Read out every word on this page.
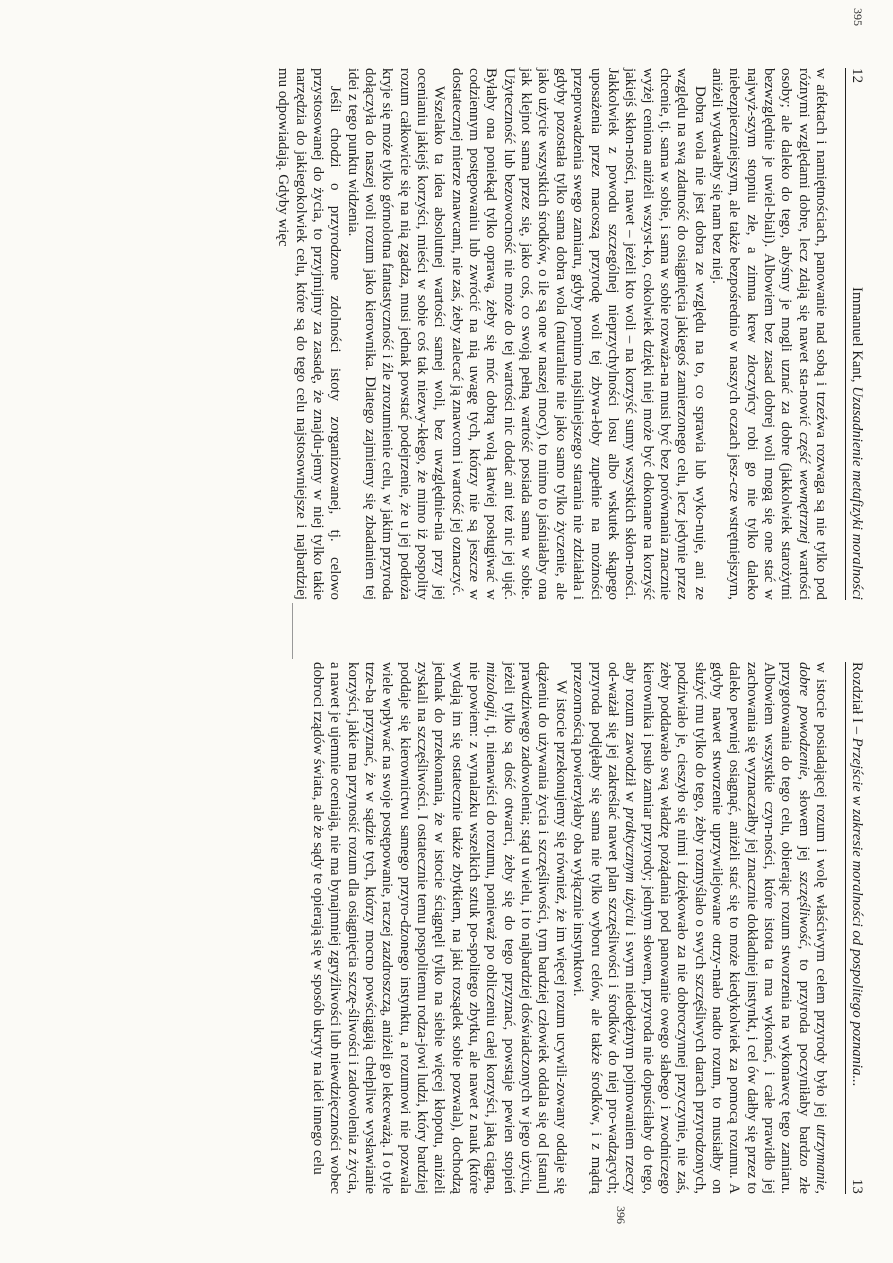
12
Immanuel Kant, Uzasadnienie metafizyki moralności

w afektach i namiętnościach, panowanie nad sobą i trzeźwa rozwaga są nie tylko pod różnymi względami dobre, lecz zdają się nawet sta-nowić część wewnętrznej wartości osoby; ale daleko do tego, abyśmy je mogli uznać za dobre (jakkolwiek starożytni bezwzględnie je uwiel-biali). Albowiem bez zasad dobrej woli mogą się one stać w najwyż-szym stopniu złe, a zimna krew złoczyńcy robi go nie tylko daleko niebezpieczniejszym, ale także bezpośrednio w naszych oczach jesz-cze wstrętniejszym, aniżeli wydawałby się nam bez niej.

Dobra wola nie jest dobra ze względu na to, co sprawia lub wyko-nuje, ani ze względu na swą zdatność do osiągnięcia jakiegoś zamierzonego celu, lecz jedynie przez chcenie, tj. sama w sobie, i sama w sobie rozważa-na musi być bez porównania znacznie wyżej ceniona aniżeli wszyst-ko, cokolwiek dzięki niej może być dokonane na korzyść jakiejś skłon-ności, nawet – jeżeli kto woli – na korzyść sumy wszystkich skłon-ności. Jakkolwiek z powodu szczególnej nieprzychylności losu albo wskutek skąpego uposażenia przez macoszą przyrodę woli tej zbywa-łoby zupełnie na możności przeprowadzenia swego zamiaru, gdyby pomimo najsilniejszego starania nie zdziałała i gdyby pozostała tylko sama dobra wola (naturalnie nie jako samo tylko życzenie, ale jako użycie wszystkich środków, o ile są one w naszej mocy), to mimo to jaśniałaby ona jak klejnot sama przez się, jako coś, co swoją pełną wartość posiada sama w sobie. Użyteczność lub bezowocność nie może do tej wartości nic dodać ani też nic jej ująć. Byłaby ona poniekąd tylko oprawą, żeby się móc dobrą wolą łatwiej posługiwać w codziennym postępowaniu lub zwrócić na nią uwagę tych, którzy nie są jeszcze w dostatecznej mierze znawcami, nie zaś, żeby zalecać ją znawcom i wartość jej oznaczyć.

Wszelako ta idea absolutnej wartości samej woli, bez uwzględnie-nia przy jej ocenianiu jakiejś korzyści, mieści w sobie coś tak niezwy-kłego, że mimo iż pospolity rozum całkowicie się na nią zgadza, musi jednak powstać podejrzenie, że u jej podłoża kryje się może tylko górnolotna fantastyczność i źle zrozumienie celu, w jakim przyroda dołączyła do naszej woli rozum jako kierownika. Dlatego zajmiemy się zbadaniem tej idei z tego punktu widzenia.

Jeśli chodzi o przyrodzone zdolności istoty zorganizowanej, tj. celowo przystosowanej do życia, to przyjmijmy za zasadę, że znajdu-jemy w niej tylko takie narzędzia do jakiegokolwiek celu, które są do tego celu najstosowniejsze i najbardziej mu odpowiadają. Gdyby więc

395
Rozdział I – Przejście w zakresie moralności od pospolitego poznania...
13

w istocie posiadającej rozum i wolę właściwym celem przyrody było jej utrzymanie, dobre powodzenie, słowem jej szczęśliwość, to przyroda poczyniłaby bardzo złe przygotowania do tego celu, obierając rozum stworzenia na wykonawcę tego zamiaru. Albowiem wszystkie czyn-ności, które istota ta ma wykonać, i całe prawidło jej zachowania się wyznaczałby jej znacznie dokładniej instynkt, i cel ów dałby się przez to daleko pewniej osiągnąć, aniżeli stać się to może kiedykolwiek za pomocą rozumu. A gdyby nawet stworzenie uprzywilejowane otrzy-mało nadto rozum, to musiałby on służyć mu tylko do tego, żeby rozmyślało o swych szczęśliwych darach przyrodzonych, podziwiało je, cieszyło się nimi i dziękowało za nie dobroczynnej przyczynie, nie zaś, żeby poddawało swą władzę pożądania pod panowanie owego słabego i zwodniczego kierownika i psuło zamiar przyrody; jednym słowem, przyroda nie dopuściłaby do tego, aby rozum zawodził w praktycznym użyciu i swym niedołężnym pojmowaniem rzeczy od-ważał się jej zakreślać nawet plan szczęśliwości i środków do niej pro-wadzących; przyroda podjęłaby się sama nie tylko wyboru celów, ale także środków, i z mądrą przezornością powierzyłaby oba wyłącznie instynktowi.

W istocie przekonujemy się również, że im więcej rozum ucywili-zowany oddaje się dążeniu do używania życia i szczęśliwości, tym bardziej człowiek oddala się od [stanu] prawdziwego zadowolenia; stąd u wielu, i to najbardziej doświadczonych w jego użyciu, jeżeli tylko są dość otwarci, żeby się do tego przyznać, powstaje pewien stopień mizologii, tj. nienawiści do rozumu, ponieważ po obliczeniu całej korzyści, jaką ciągną, nie powiem: z wynalazku wszelkich sztuk po-spolitego zbytku, ale nawet z nauk (które wydają im się ostatecznie także zbytkiem, na jaki rozsądek sobie pozwala), dochodzą jednak do przekonania, że w istocie ściągnęli tylko na siebie więcej kłopotu, aniżeli zyskali na szczęśliwości. I ostatecznie temu pospolitemu rodza-jowi ludzi, który bardziej poddaje się kierownictwu samego przyro-dzonego instynktu, a rozumowi nie pozwala wiele wpływać na swoje postępowanie, raczej zazdroszczą, aniżeli go lekceważą. I o tyle trze-ba przyznać, że w sądzie tych, którzy mocno powściągają chełpliwe wysławianie korzyści, jakie ma przynosić rozum dla osiągnięcia szczę-śliwości i zadowolenia z życia, a nawet je ujemnie oceniają, nie ma bynajmniej zgryźliwości lub niewdzięczności wobec dobroci rządów świata, ale że sądy te opierają się w sposób ukryty na idei innego celu

396
